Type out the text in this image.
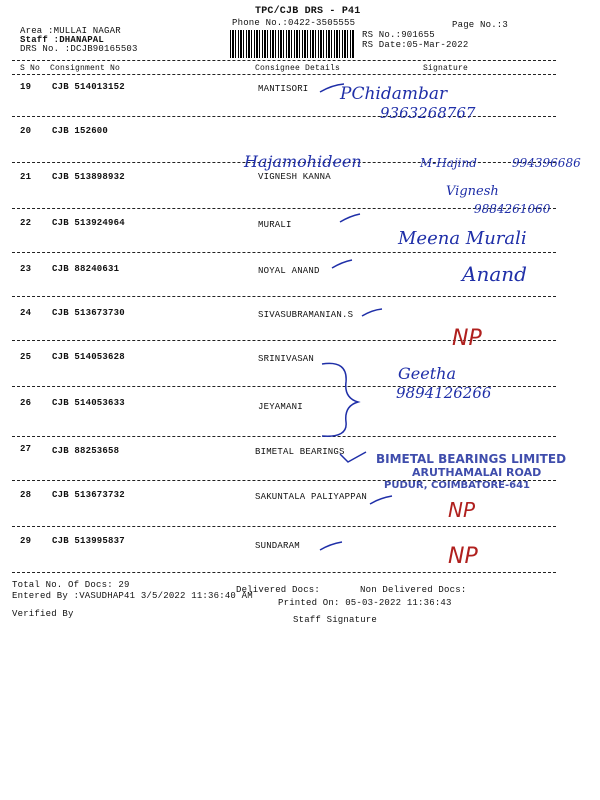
TPC/CJB DRS - P41
Phone No.:0422-3505555	Page No.:3
Area :MULLAI NAGAR
Staff :DHANAPAL
DRS No. :DCJB90165503
RS No.:901655
RS Date:05-Mar-2022
S No Consignment No	Consignee Details	Signature
19 CJB 514013152	MANTISORI
20 CJB 152600
21 CJB 513898932	VIGNESH KANNA
22 CJB 513924964	MURALI
23 CJB 88240631	NOYAL ANAND
24 CJB 513673730	SIVASUBRAMANIAN.S
25 CJB 514053628	SRINIVASAN
26 CJB 514053633	JEYAMANI
27 CJB 88253658	BIMETAL BEARINGS
28 CJB 513673732	SAKUNTALA PALIYAPPAN
29 CJB 513995837	SUNDARAM
PChidambar
9363268767
Hajamohideen	M-Hajind	994396686
Vignesh
9884261060
Meena Murali
Anand
NP
Geetha
9894126266
NP
NP
BIMETAL BEARINGS LIMITED
ARUTHAMALAI ROAD
PUDUR, COIMBATORE-641
Total No. Of Docs: 29	Delivered Docs:	Non Delivered Docs:
Entered By :VASUDHAP41 3/5/2022 11:36:40 AM
Printed On: 05-03-2022 11:36:43
Verified By
Staff Signature
